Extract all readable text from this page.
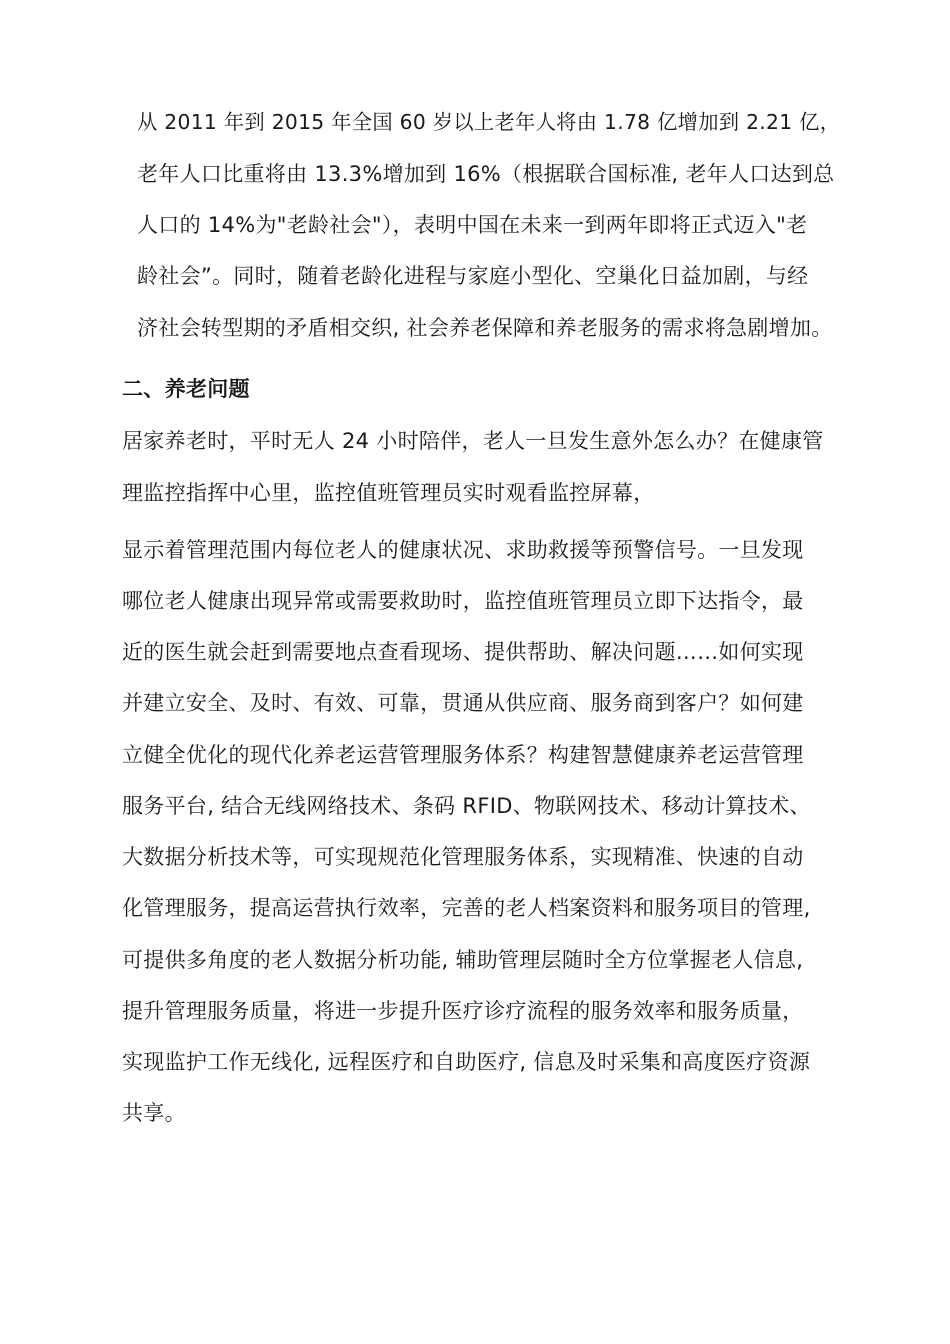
从 2011 年到 2015 年全国 60 岁以上老年人将由 1.78 亿增加到 2.21 亿，
老年人口比重将由 13.3%增加到 16%（根据联合国标准, 老年人口达到总
人口的 14%为"老龄社会"），表明中国在未来一到两年即将正式迈入"老
龄社会”。同时，随着老龄化进程与家庭小型化、空巢化日益加剧，与经
济社会转型期的矛盾相交织, 社会养老保障和养老服务的需求将急剧增加。
二、养老问题
居家养老时，平时无人 24 小时陪伴，老人一旦发生意外怎么办？在健康管
理监控指挥中心里，监控值班管理员实时观看监控屏幕，
显示着管理范围内每位老人的健康状况、求助救援等预警信号。一旦发现
哪位老人健康出现异常或需要救助时，监控值班管理员立即下达指令，最
近的医生就会赶到需要地点查看现场、提供帮助、解决问题……如何实现
并建立安全、及时、有效、可靠，贯通从供应商、服务商到客户？如何建
立健全优化的现代化养老运营管理服务体系？构建智慧健康养老运营管理
服务平台, 结合无线网络技术、条码 RFID、物联网技术、移动计算技术、
大数据分析技术等，可实现规范化管理服务体系，实现精准、快速的自动
化管理服务，提高运营执行效率，完善的老人档案资料和服务项目的管理,
可提供多角度的老人数据分析功能, 辅助管理层随时全方位掌握老人信息,
提升管理服务质量，将进一步提升医疗诊疗流程的服务效率和服务质量，
实现监护工作无线化, 远程医疗和自助医疗, 信息及时采集和高度医疗资源
共享。
